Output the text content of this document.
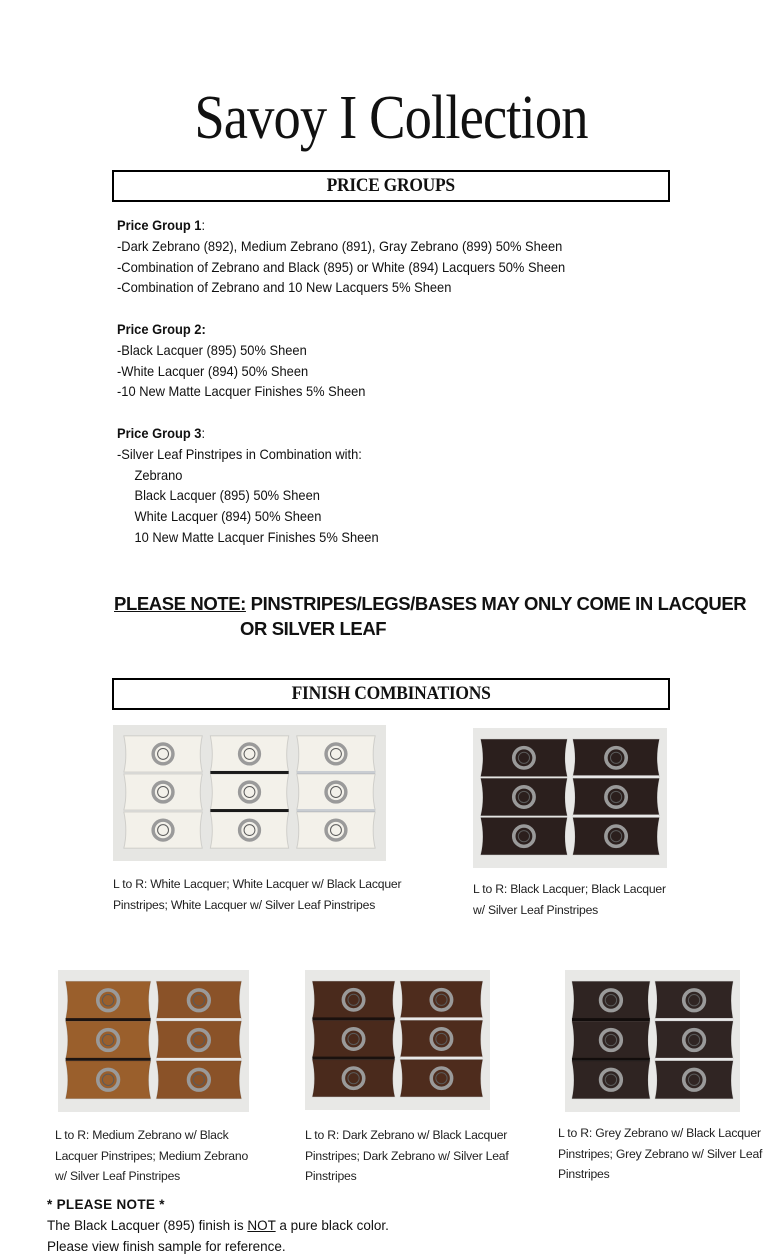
Savoy I Collection
PRICE GROUPS
Price Group 1:
-Dark Zebrano (892), Medium Zebrano (891), Gray Zebrano (899) 50% Sheen
-Combination of Zebrano and Black (895) or White (894) Lacquers 50% Sheen
-Combination of Zebrano and 10 New Lacquers 5% Sheen
Price Group 2:
-Black Lacquer (895) 50% Sheen
-White Lacquer (894) 50% Sheen
-10 New Matte Lacquer Finishes 5% Sheen
Price Group 3:
-Silver Leaf Pinstripes in Combination with:
Zebrano
Black Lacquer (895) 50% Sheen
White Lacquer (894) 50% Sheen
10 New Matte Lacquer Finishes 5% Sheen
PLEASE NOTE: PINSTRIPES/LEGS/BASES MAY ONLY COME IN LACQUER
OR SILVER LEAF
FINISH COMBINATIONS
L to R: White Lacquer; White Lacquer w/ Black Lacquer
Pinstripes; White Lacquer w/ Silver Leaf Pinstripes
L to R: Black Lacquer; Black Lacquer
w/ Silver Leaf Pinstripes
L to R: Medium Zebrano w/ Black
Lacquer Pinstripes; Medium Zebrano
w/ Silver Leaf Pinstripes
L to R: Dark Zebrano w/ Black Lacquer
Pinstripes; Dark Zebrano w/ Silver Leaf
Pinstripes
L to R: Grey Zebrano w/ Black Lacquer
Pinstripes; Grey Zebrano w/ Silver Leaf
Pinstripes
* PLEASE NOTE *
The Black Lacquer (895) finish is NOT a pure black color.
Please view finish sample for reference.
